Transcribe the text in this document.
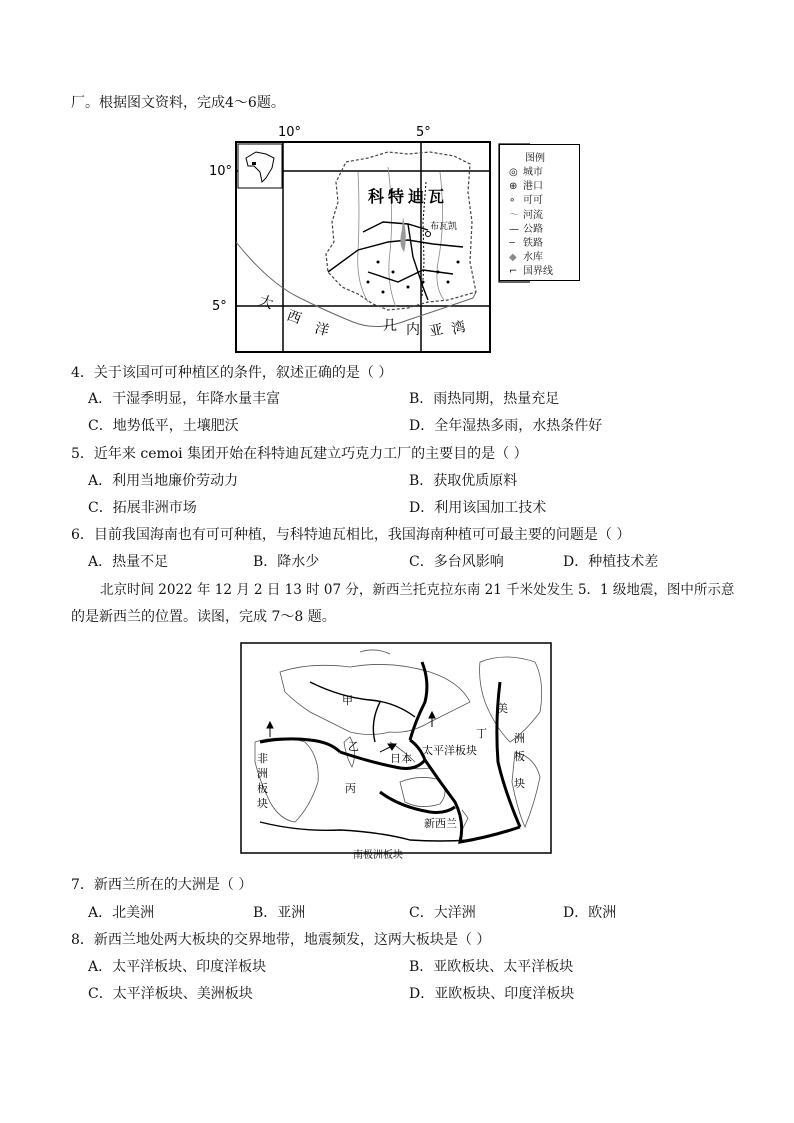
厂。根据图文资料，完成4～6题。
10°	5°
10°
5°
布瓦凯
科特迪瓦
大
西
洋	几 内 亚 湾
图例
◎ 城市
⊕ 港口
∘ 可可
～ 河流
— 公路
┄ 铁路
◆ 水库
⌐ 国界线
4．关于该国可可种植区的条件，叙述正确的是（ ）
A．干湿季明显，年降水量丰富	B．雨热同期，热量充足
C．地势低平，土壤肥沃	D．全年湿热多雨，水热条件好
5．近年来 cemoi 集团开始在科特迪瓦建立巧克力工厂的主要目的是（ ）
A．利用当地廉价劳动力	B．获取优质原料
C．拓展非洲市场	D．利用该国加工技术
6．目前我国海南也有可可种植，与科特迪瓦相比，我国海南种植可可最主要的问题是（ ）
A．热量不足	B．降水少	C．多台风影响	D．种植技术差
北京时间 2022 年 12 月 2 日 13 时 07 分，新西兰托克拉东南 21 千米处发生 5．1 级地震，图中所示意
的是新西兰的位置。读图，完成 7～8 题。
甲
乙
丙
丁
日本
太平洋板块
新西兰
南极洲板块
非
洲
板
块
美
洲
板
块
7．新西兰所在的大洲是（ ）
A．北美洲	B．亚洲	C．大洋洲	D．欧洲
8．新西兰地处两大板块的交界地带，地震频发，这两大板块是（ ）
A．太平洋板块、印度洋板块	B．亚欧板块、太平洋板块
C．太平洋板块、美洲板块	D．亚欧板块、印度洋板块
